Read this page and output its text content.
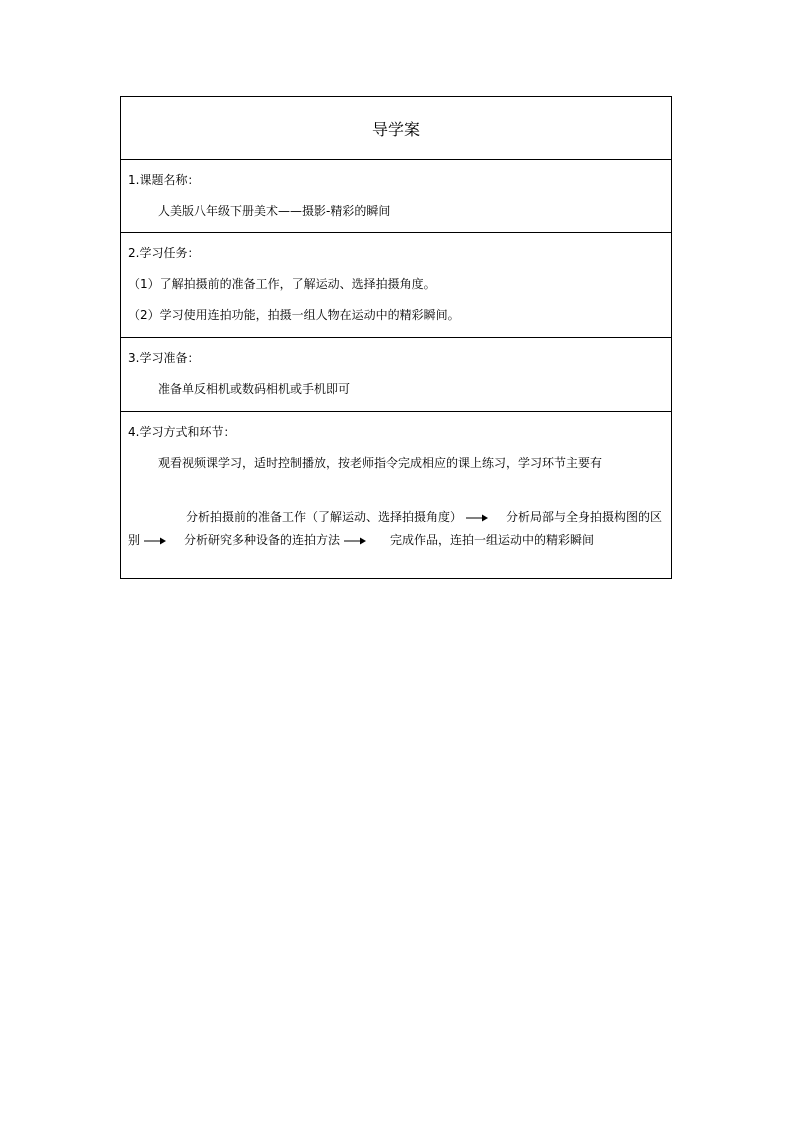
导学案
1.课题名称：
人美版八年级下册美术——摄影-精彩的瞬间
2.学习任务：
（1）了解拍摄前的准备工作，了解运动、选择拍摄角度。
（2）学习使用连拍功能，拍摄一组人物在运动中的精彩瞬间。
3.学习准备：
准备单反相机或数码相机或手机即可
4.学习方式和环节：
观看视频课学习，适时控制播放，按老师指令完成相应的课上练习，学习环节主要有
分析拍摄前的准备工作（了解运动、选择拍摄角度）	分析局部与全身拍摄构图的区别	分析研究多种设备的连拍方法	完成作品，连拍一组运动中的精彩瞬间
